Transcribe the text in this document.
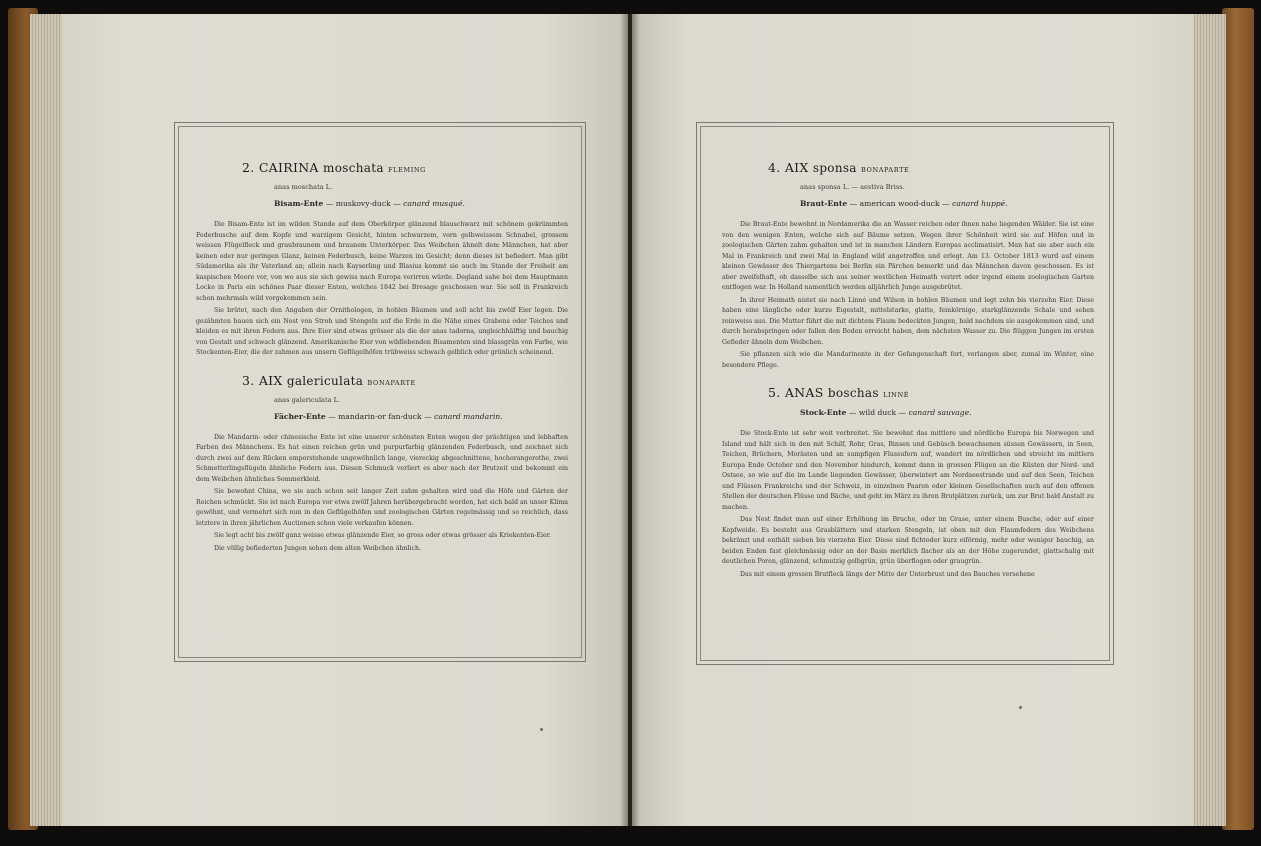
2. CAIRINA moschata FLEMING
anas moschata L.
Bisam-Ente — muskovy-duck — canard musqué.

Die Bisam-Ente ist im wilden Stande auf dem Oberkörper glänzend blauschwarz mit schönem gekrümmten Federbusche auf dem Kopfe und warzigem Gesicht, hinten schwarzem, vorn gelbweissem Schnabel, grossem weissen Flügelfleck und graubraunem und braunem Unterkörper. Das Weibchen ähnelt dem Männchen, hat aber keinen oder nur geringen Glanz, keinen Federbusch, keine Warzen im Gesicht; denn dieses ist befiedert. Man gibt Südamerika als ihr Vaterland an; allein nach Kayserling und Blasius kommt sie auch im Stande der Freiheit am kaspischen Meere vor, von wo aus sie sich gewiss nach Europa verirren würde. Degland sahe bei dem Hauptmann Locke in Paris ein schönes Paar dieser Enten, welches 1842 bei Bresage geschossen war. Sie soll in Frankreich schon mehrmals wild vorgekommen sein.

Sie brütet, nach den Angaben der Ornithologen, in hohlen Bäumen und soll acht bis zwölf Eier legen. Die gezähmten bauen sich ein Nest von Stroh und Stengeln auf die Erde in die Nähe eines Grabens oder Teiches und kleiden es mit ihren Federn aus. Ihre Eier sind etwas grösser als die der anas tadorna, ungleichhälftig und bauchig von Gestalt und schwach glänzend. Amerikanische Eier von wildlebenden Bisamenten sind blassgrün von Farbe, wie Stockenten-Eier, die der zahmen aus unsern Geflügelhöfen trübweiss schwach gelblich oder grünlich scheinend.

3. AIX galericulata BONAPARTE
anas galericulata L.
Fächer-Ente — mandarin-or fan-duck — canard mandarin.

Die Mandarin- oder chinesische Ente ist eine unserer schönsten Enten wegen der prächtigen und lebhaften Farben des Männchens. Es hat einen reichen grün und purpurfarbig glänzenden Federbusch, und zeichnet sich durch zwei auf dem Rücken emporstehende ungewöhnlich lange, viereckig abgeschnittene, hochorangerothe, zwei Schmetterlingsflügeln ähnliche Federn aus. Diesen Schmuck verliert es aber nach der Brutzeit und bekommt ein dem Weibchen ähnliches Sommerkleid.

Sie bewohnt China, wo sie auch schon seit langer Zeit zahm gehalten wird und die Höfe und Gärten der Reichen schmückt. Sie ist nach Europa vor etwa zwölf Jahren herübergebracht worden, hat sich bald an unser Klima gewöhnt, und vermehrt sich nun in den Geflügelhöfen und zoologischen Gärten regelmässig und so reichlich, dass letztere in ihren jährlichen Auctionen schon viele verkaufen können.

Sie legt acht bis zwölf ganz weisse etwas glänzende Eier, so gross oder etwas grösser als Kriekenten-Eier.

Die völlig befiederten Jungen sehen dem alten Weibchen ähnlich.

4. AIX sponsa BONAPARTE
anas sponsa L. — aestiva Briss.
Braut-Ente — american wood-duck — canard huppé.

Die Braut-Ente bewohnt in Nordamerika die an Wasser reichen oder ihnen nahe liegenden Wälder. Sie ist eine von den wenigen Enten, welche sich auf Bäume setzen. Wegen ihrer Schönheit wird sie auf Höfen und in zoologischen Gärten zahm gehalten und ist in manchen Ländern Europas acclimatisirt. Man hat sie aber auch ein Mal in Frankreich und zwei Mal in England wild angetroffen und erlegt. Am 13. October 1813 wurd auf einem kleinen Gewässer des Thiergartens bei Berlin ein Pärchen bemerkt und das Männchen davon geschossen. Es ist aber zweifelhaft, ob dasselbe sich aus seiner westlichen Heimath verirrt oder irgend einem zoologischen Garten entflogen war. In Holland namentlich werden alljährlich Junge ausgebrütet.

In ihrer Heimath nistet sie nach Linné und Wilson in hohlen Bäumen und legt zehn bis vierzehn Eier. Diese haben eine längliche oder kurze Eigestalt, mittelstarke, glatte, feinkörnige, starkglänzende Schale und sehen reinweiss aus. Die Mutter führt die mit dichtem Flaum bedeckten Jungen, bald nachdem sie ausgekommen sind, und durch herabspringen oder fallen den Boden erreicht haben, dem nächsten Wasser zu. Die flüggen Jungen im ersten Gefieder ähneln dem Weibchen.

Sie pflanzen sich wie die Mandarinente in der Gefangenschaft fort, verlangen aber, zumal im Winter, eine besondere Pflege.

5. ANAS boschas LINNÉ
Stock-Ente — wild duck — canard sauvage.

Die Stock-Ente ist sehr weit verbreitet. Sie bewohnt das mittlere und nördliche Europa bis Norwegen und Island und hält sich in den mit Schilf, Rohr, Gras, Binsen und Gebüsch bewachsenen süssen Gewässern, in Seen, Teichen, Brüchern, Morästen und an sumpfigen Flussufern auf, wandert im nördlichen und streicht im mittlern Europa Ende October und den November hindurch, kommt dann in grossen Flügen an die Küsten der Nord- und Ostsee, so wie auf die im Lande liegenden Gewässer, überwintert am Nordseestrande und auf den Seen, Teichen und Flüssen Frankreichs und der Schweiz, in einzelnen Paaren oder kleinen Gesellschaften auch auf den offenen Stellen der deutschen Flüsse und Bäche, und geht im März zu ihren Brutplätzen zurück, um zur Brut bald Anstalt zu machen.

Das Nest findet man auf einer Erhöhung im Bruche, oder im Grase, unter einem Busche, oder auf einer Kopfweide. Es besteht aus Grasblättern und starken Stengeln, ist oben mit den Flaumfedern des Weibchens bekränzt und enthält sieben bis vierzehn Eier. Diese sind fichtoder kurz eiförmig, mehr oder weniger bauchig, an beiden Enden fast gleichmässig oder an der Basis merklich flacher als an der Höhe zugerundet, glattschalig mit deutlichen Poren, glänzend, schmutzig gelbgrün, grün überflogen oder graugrün.

Das mit einem grossen Brutfleck längs der Mitte der Unterbrust und des Bauches versehene
